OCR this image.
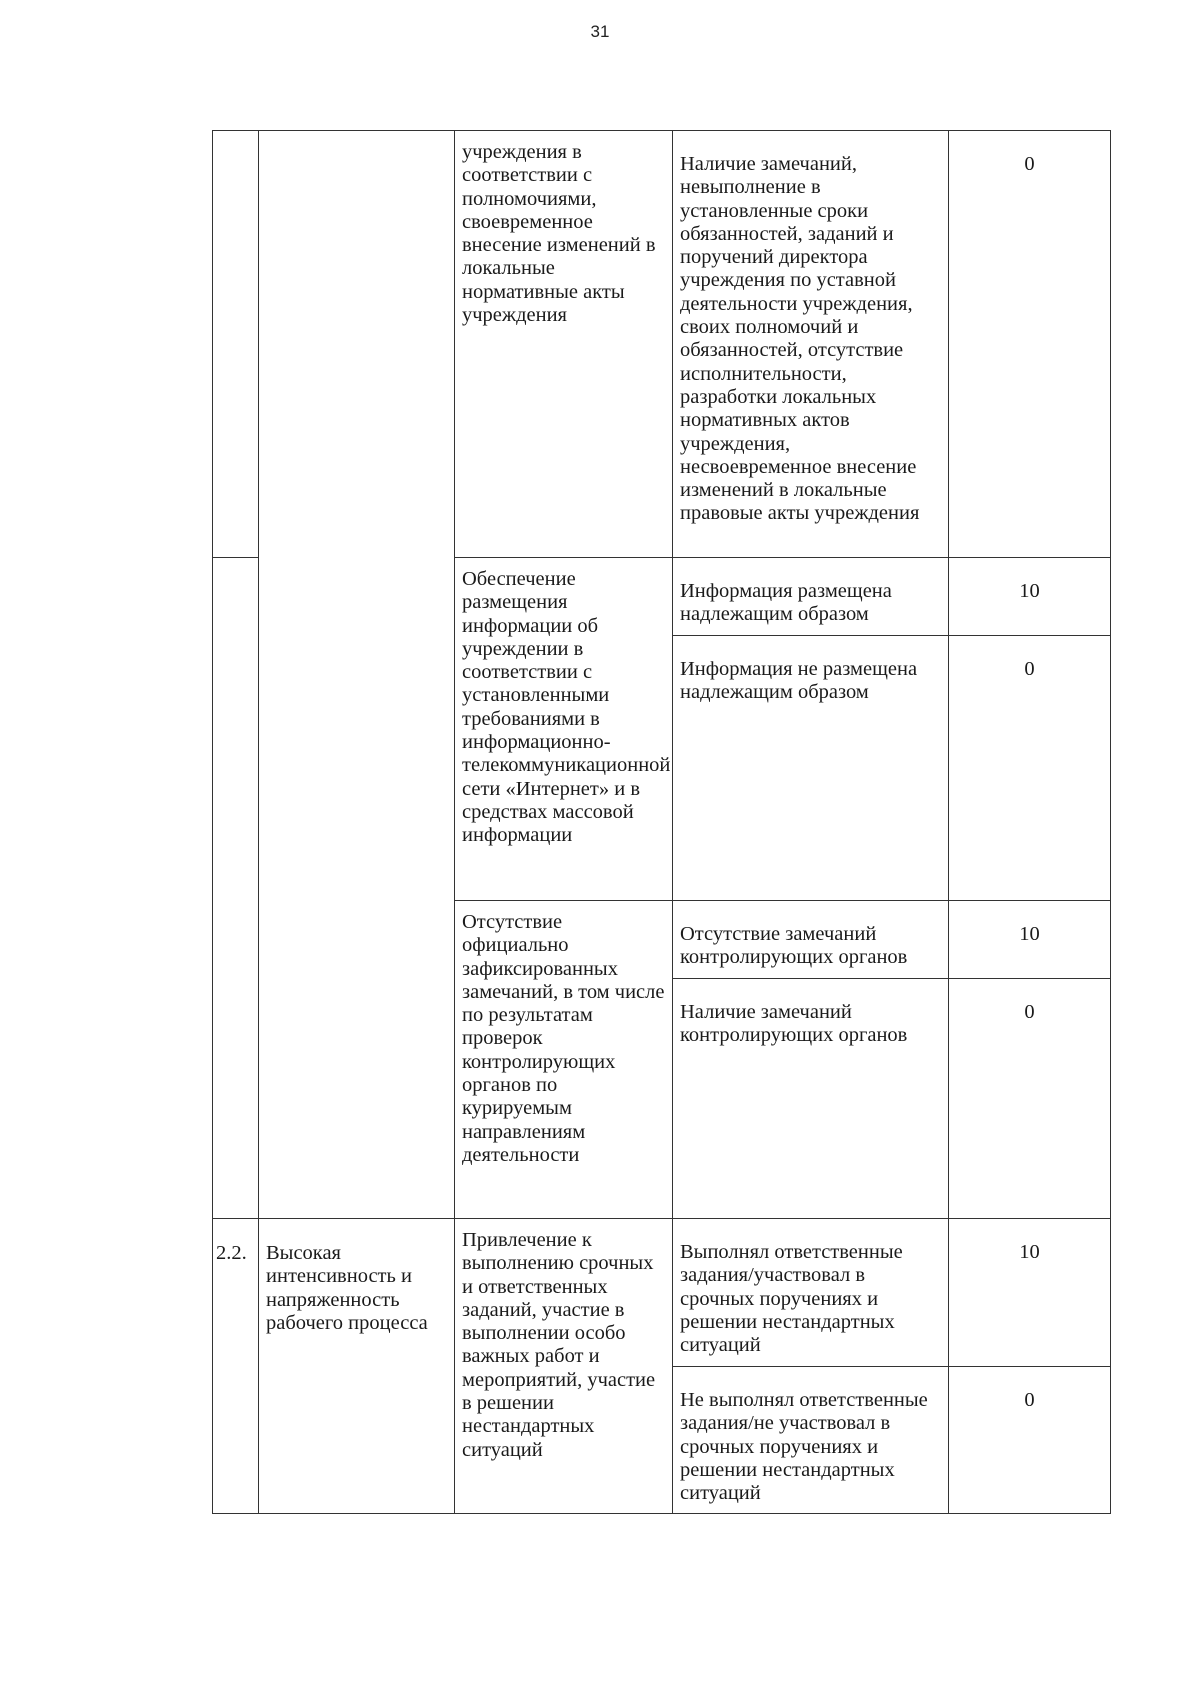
31
		учреждения в соответствии с полномочиями, своевременное внесение изменений в локальные нормативные акты учреждения	Наличие замечаний, невыполнение в установленные сроки обязанностей, заданий и поручений директора учреждения по уставной деятельности учреждения, своих полномочий и обязанностей, отсутствие исполнительности, разработки локальных нормативных актов учреждения, несвоевременное внесение изменений в локальные правовые акты учреждения	0
		Обеспечение размещения информации об учреждении в соответствии с установленными требованиями в информационно-телекоммуникационной сети «Интернет» и в средствах массовой информации	Информация размещена надлежащим образом	10
			Информация не размещена надлежащим образом	0
		Отсутствие официально зафиксированных замечаний, в том числе по результатам проверок контролирующих органов по курируемым направлениям деятельности	Отсутствие замечаний контролирующих органов	10
			Наличие замечаний контролирующих органов	0
2.2.	Высокая интенсивность и напряженность рабочего процесса	Привлечение к выполнению срочных и ответственных заданий, участие в выполнении особо важных работ и мероприятий, участие в решении нестандартных ситуаций	Выполнял ответственные задания/участвовал в срочных поручениях и решении нестандартных ситуаций	10
			Не выполнял ответственные задания/не участвовал в срочных поручениях и решении нестандартных ситуаций	0
